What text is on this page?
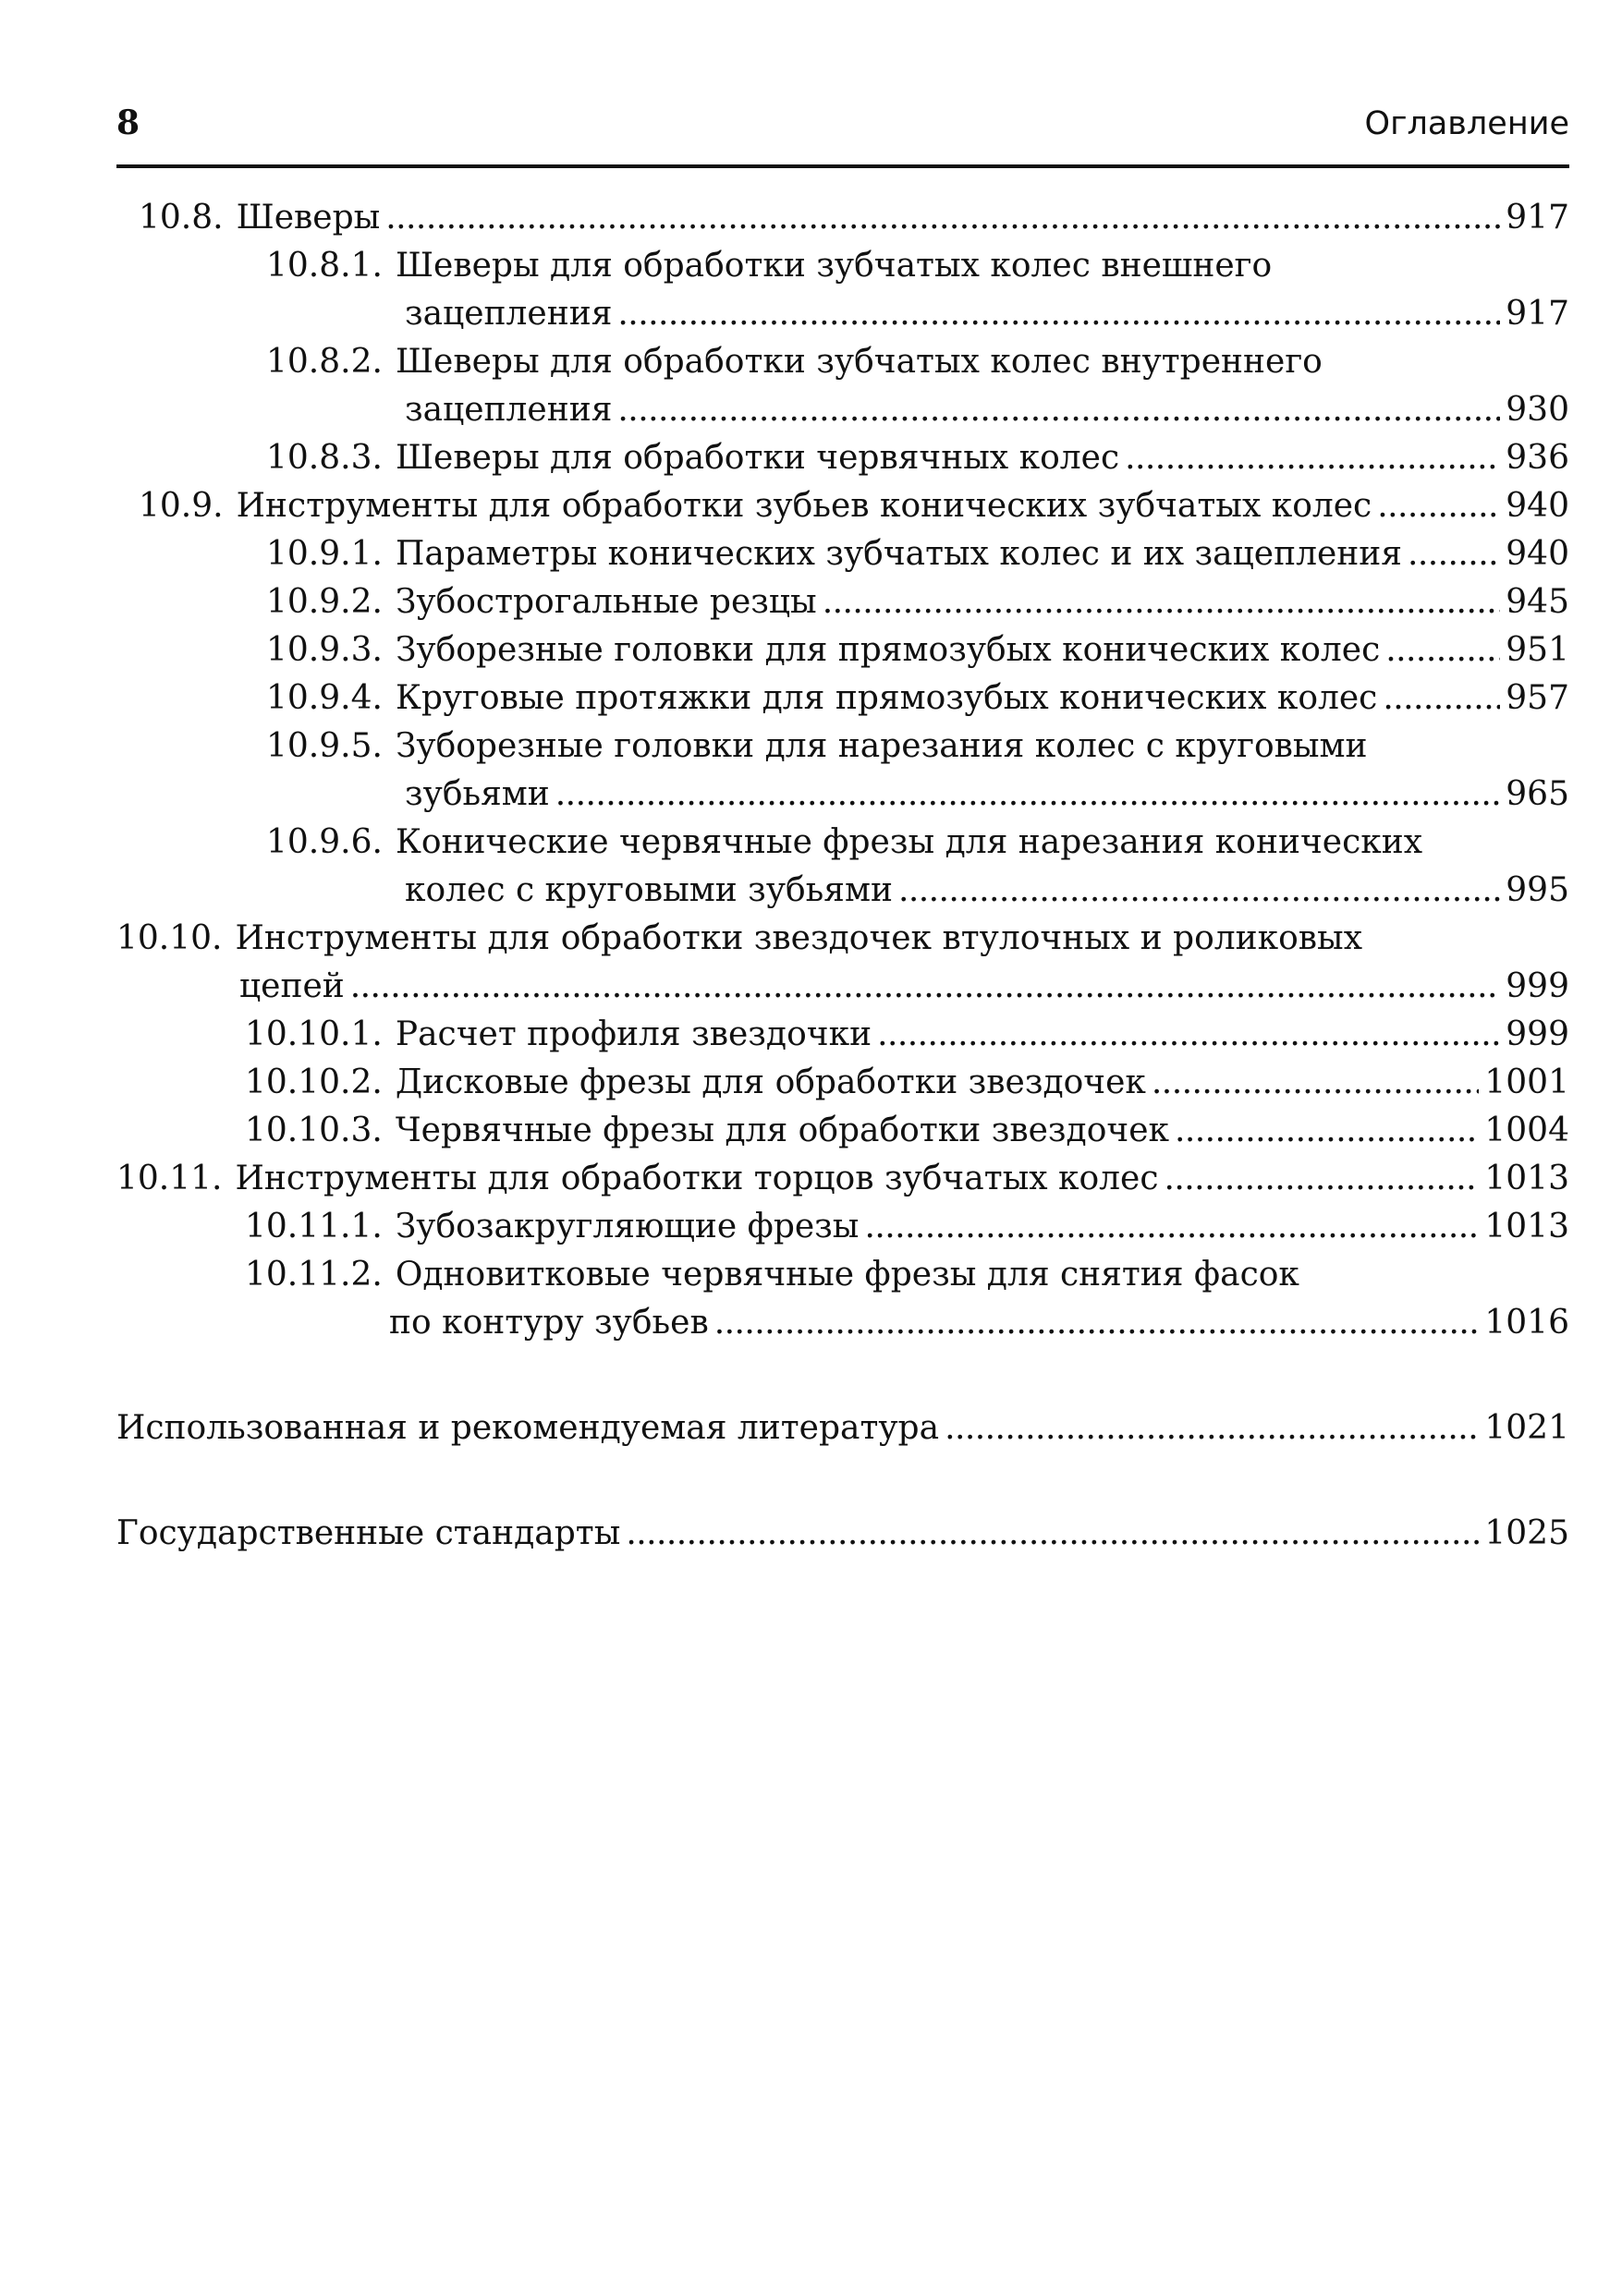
8	Оглавление
10.8. Шеверы . . .	917
10.8.1. Шеверы для обработки зубчатых колес внешнего
зацепления . . .	917
10.8.2. Шеверы для обработки зубчатых колес внутреннего
зацепления . . .	930
10.8.3. Шеверы для обработки червячных колес . . .	936
10.9. Инструменты для обработки зубьев конических зубчатых колес . . .	940
10.9.1. Параметры конических зубчатых колес и их зацепления . . .	940
10.9.2. Зубострогальные резцы . . .	945
10.9.3. Зуборезные головки для прямозубых конических колес . . .	951
10.9.4. Круговые протяжки для прямозубых конических колес . . .	957
10.9.5. Зуборезные головки для нарезания колес с круговыми
зубьями . . .	965
10.9.6. Конические червячные фрезы для нарезания конических
колес с круговыми зубьями . . .	995
10.10. Инструменты для обработки звездочек втулочных и роликовых
цепей . . .	999
10.10.1. Расчет профиля звездочки . . .	999
10.10.2. Дисковые фрезы для обработки звездочек . . .	1001
10.10.3. Червячные фрезы для обработки звездочек . . .	1004
10.11. Инструменты для обработки торцов зубчатых колес . . .	1013
10.11.1. Зубозакругляющие фрезы . . .	1013
10.11.2. Одновитковые червячные фрезы для снятия фасок
по контуру зубьев . . .	1016
Использованная и рекомендуемая литература . . .	1021
Государственные стандарты . . .	1025
